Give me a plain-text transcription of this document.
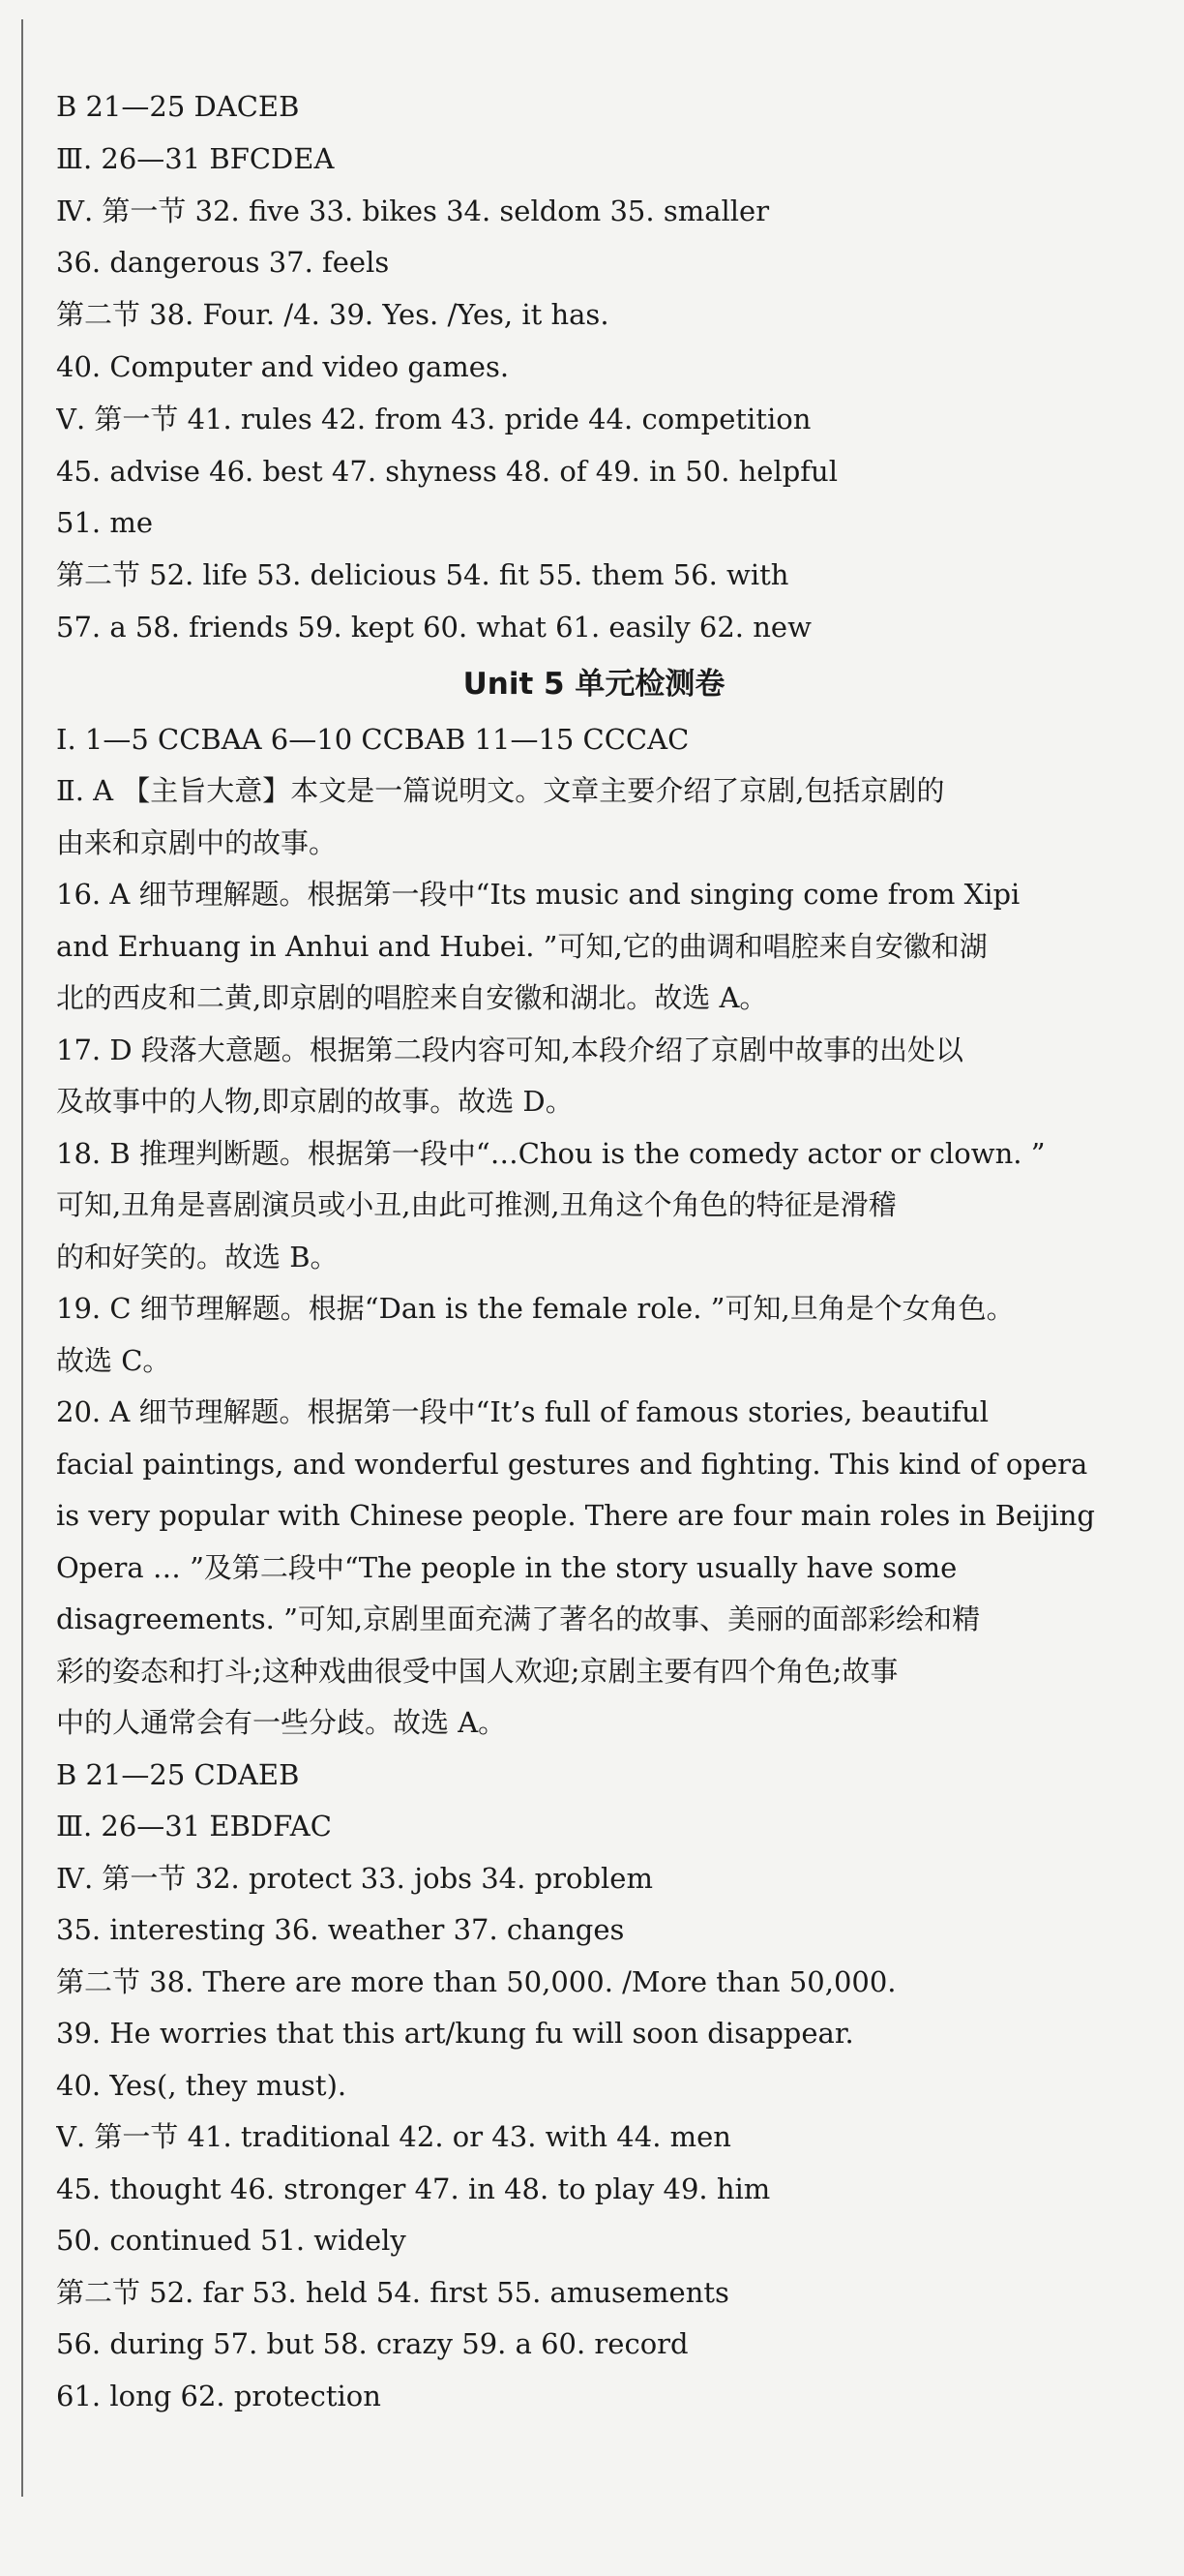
B 21—25 DACEB
Ⅲ. 26—31 BFCDEA
Ⅳ. 第一节 32. five 33. bikes 34. seldom 35. smaller
36. dangerous 37. feels
第二节 38. Four. /4. 39. Yes. /Yes, it has.
40. Computer and video games.
Ⅴ. 第一节 41. rules 42. from 43. pride 44. competition
45. advise 46. best 47. shyness 48. of 49. in 50. helpful
51. me
第二节 52. life 53. delicious 54. fit 55. them 56. with
57. a 58. friends 59. kept 60. what 61. easily 62. new
Unit 5 单元检测卷
Ⅰ. 1—5 CCBAA 6—10 CCBAB 11—15 CCCAC
Ⅱ. A 【主旨大意】本文是一篇说明文。文章主要介绍了京剧,包括京剧的
由来和京剧中的故事。
16. A 细节理解题。根据第一段中“Its music and singing come from Xipi
and Erhuang in Anhui and Hubei. ”可知,它的曲调和唱腔来自安徽和湖
北的西皮和二黄,即京剧的唱腔来自安徽和湖北。故选 A。
17. D 段落大意题。根据第二段内容可知,本段介绍了京剧中故事的出处以
及故事中的人物,即京剧的故事。故选 D。
18. B 推理判断题。根据第一段中“…Chou is the comedy actor or clown. ”
可知,丑角是喜剧演员或小丑,由此可推测,丑角这个角色的特征是滑稽
的和好笑的。故选 B。
19. C 细节理解题。根据“Dan is the female role. ”可知,旦角是个女角色。
故选 C。
20. A 细节理解题。根据第一段中“It’s full of famous stories, beautiful
facial paintings, and wonderful gestures and fighting. This kind of opera
is very popular with Chinese people. There are four main roles in Beijing
Opera … ”及第二段中“The people in the story usually have some
disagreements. ”可知,京剧里面充满了著名的故事、美丽的面部彩绘和精
彩的姿态和打斗;这种戏曲很受中国人欢迎;京剧主要有四个角色;故事
中的人通常会有一些分歧。故选 A。
B 21—25 CDAEB
Ⅲ. 26—31 EBDFAC
Ⅳ. 第一节 32. protect 33. jobs 34. problem
35. interesting 36. weather 37. changes
第二节 38. There are more than 50,000. /More than 50,000.
39. He worries that this art/kung fu will soon disappear.
40. Yes(, they must).
Ⅴ. 第一节 41. traditional 42. or 43. with 44. men
45. thought 46. stronger 47. in 48. to play 49. him
50. continued 51. widely
第二节 52. far 53. held 54. first 55. amusements
56. during 57. but 58. crazy 59. a 60. record
61. long 62. protection
